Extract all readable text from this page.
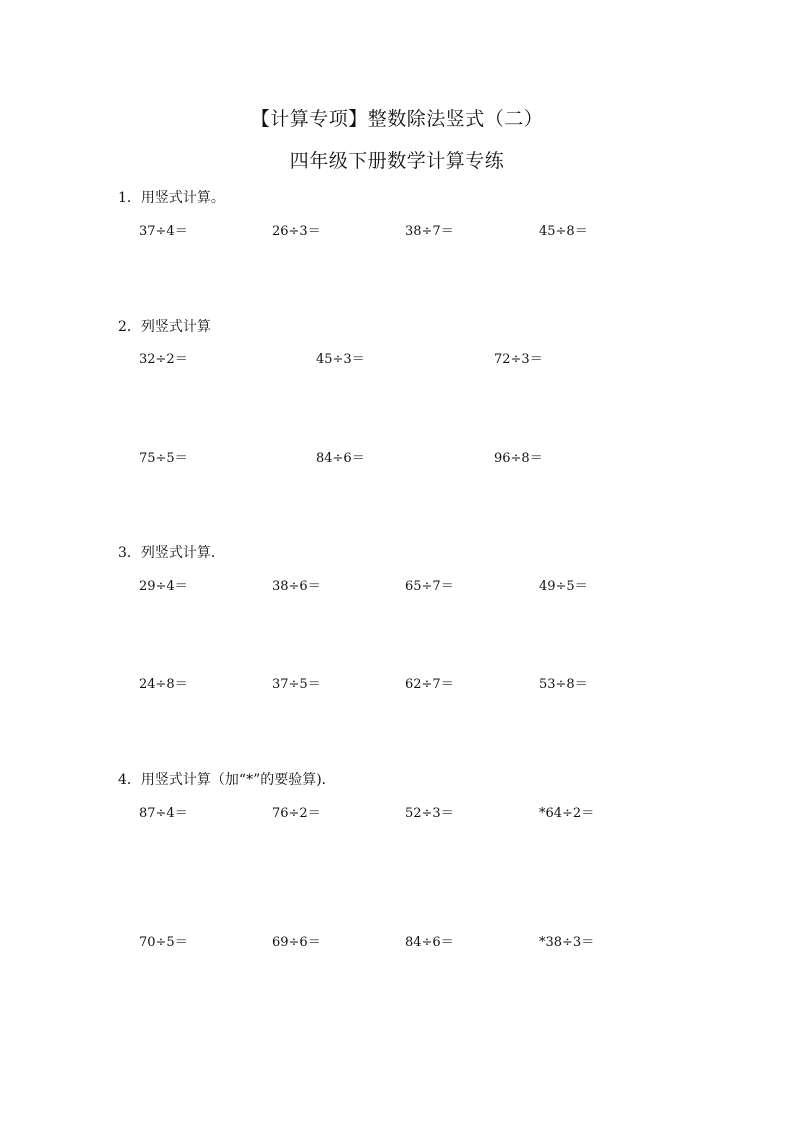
【计算专项】整数除法竖式（二）
四年级下册数学计算专练
1．用竖式计算。
37÷4＝	26÷3＝	38÷7＝	45÷8＝
2．列竖式计算
32÷2＝	45÷3＝	72÷3＝
75÷5＝	84÷6＝	96÷8＝
3．列竖式计算．
29÷4＝	38÷6＝	65÷7＝	49÷5＝
24÷8＝	37÷5＝	62÷7＝	53÷8＝
4．用竖式计算（加“*”的要验算)．
87÷4＝	76÷2＝	52÷3＝	*64÷2＝
70÷5＝	69÷6＝	84÷6＝	*38÷3＝
